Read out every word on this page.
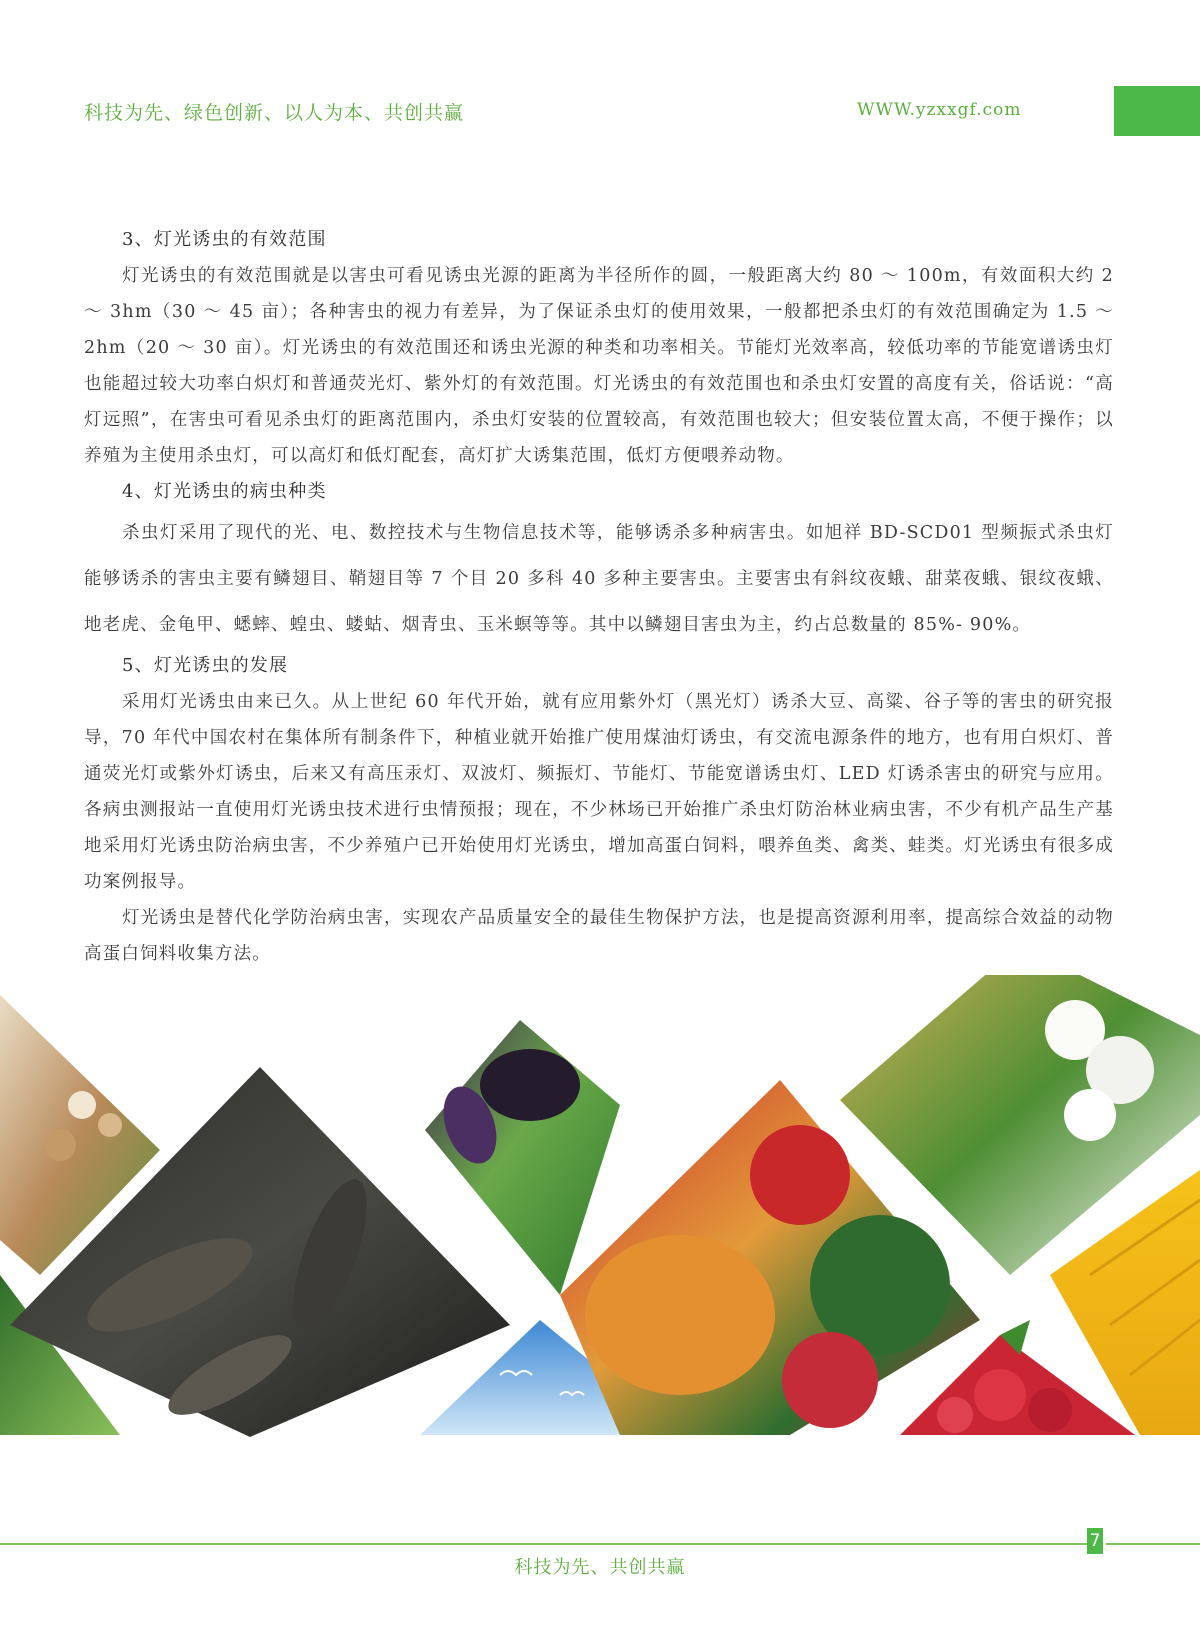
科技为先、绿色创新、以人为本、共创共赢	WWW.yzxxgf.com
3、灯光诱虫的有效范围

灯光诱虫的有效范围就是以害虫可看见诱虫光源的距离为半径所作的圆，一般距离大约 80 ～ 100m，有效面积大约 2 ～ 3hm（30 ～ 45 亩）；各种害虫的视力有差异，为了保证杀虫灯的使用效果，一般都把杀虫灯的有效范围确定为 1.5 ～ 2hm（20 ～ 30 亩）。灯光诱虫的有效范围还和诱虫光源的种类和功率相关。节能灯光效率高，较低功率的节能宽谱诱虫灯也能超过较大功率白炽灯和普通荧光灯、紫外灯的有效范围。灯光诱虫的有效范围也和杀虫灯安置的高度有关，俗话说：“高灯远照”，在害虫可看见杀虫灯的距离范围内，杀虫灯安装的位置较高，有效范围也较大；但安装位置太高，不便于操作；以养殖为主使用杀虫灯，可以高灯和低灯配套，高灯扩大诱集范围，低灯方便喂养动物。

4、灯光诱虫的病虫种类

杀虫灯采用了现代的光、电、数控技术与生物信息技术等，能够诱杀多种病害虫。如旭祥 BD-SCD01 型频振式杀虫灯能够诱杀的害虫主要有鳞翅目、鞘翅目等 7 个目 20 多科 40 多种主要害虫。主要害虫有斜纹夜蛾、甜菜夜蛾、银纹夜蛾、地老虎、金龟甲、蟋蟀、蝗虫、蝼蛄、烟青虫、玉米螟等等。其中以鳞翅目害虫为主，约占总数量的 85%- 90%。

5、灯光诱虫的发展

采用灯光诱虫由来已久。从上世纪 60 年代开始，就有应用紫外灯（黑光灯）诱杀大豆、高粱、谷子等的害虫的研究报导，70 年代中国农村在集体所有制条件下，种植业就开始推广使用煤油灯诱虫，有交流电源条件的地方，也有用白炽灯、普通荧光灯或紫外灯诱虫，后来又有高压汞灯、双波灯、频振灯、节能灯、节能宽谱诱虫灯、LED 灯诱杀害虫的研究与应用。各病虫测报站一直使用灯光诱虫技术进行虫情预报；现在，不少林场已开始推广杀虫灯防治林业病虫害，不少有机产品生产基地采用灯光诱虫防治病虫害，不少养殖户已开始使用灯光诱虫，增加高蛋白饲料，喂养鱼类、禽类、蛙类。灯光诱虫有很多成功案例报导。

灯光诱虫是替代化学防治病虫害，实现农产品质量安全的最佳生物保护方法，也是提高资源利用率，提高综合效益的动物高蛋白饲料收集方法。

7
科技为先、共创共赢
